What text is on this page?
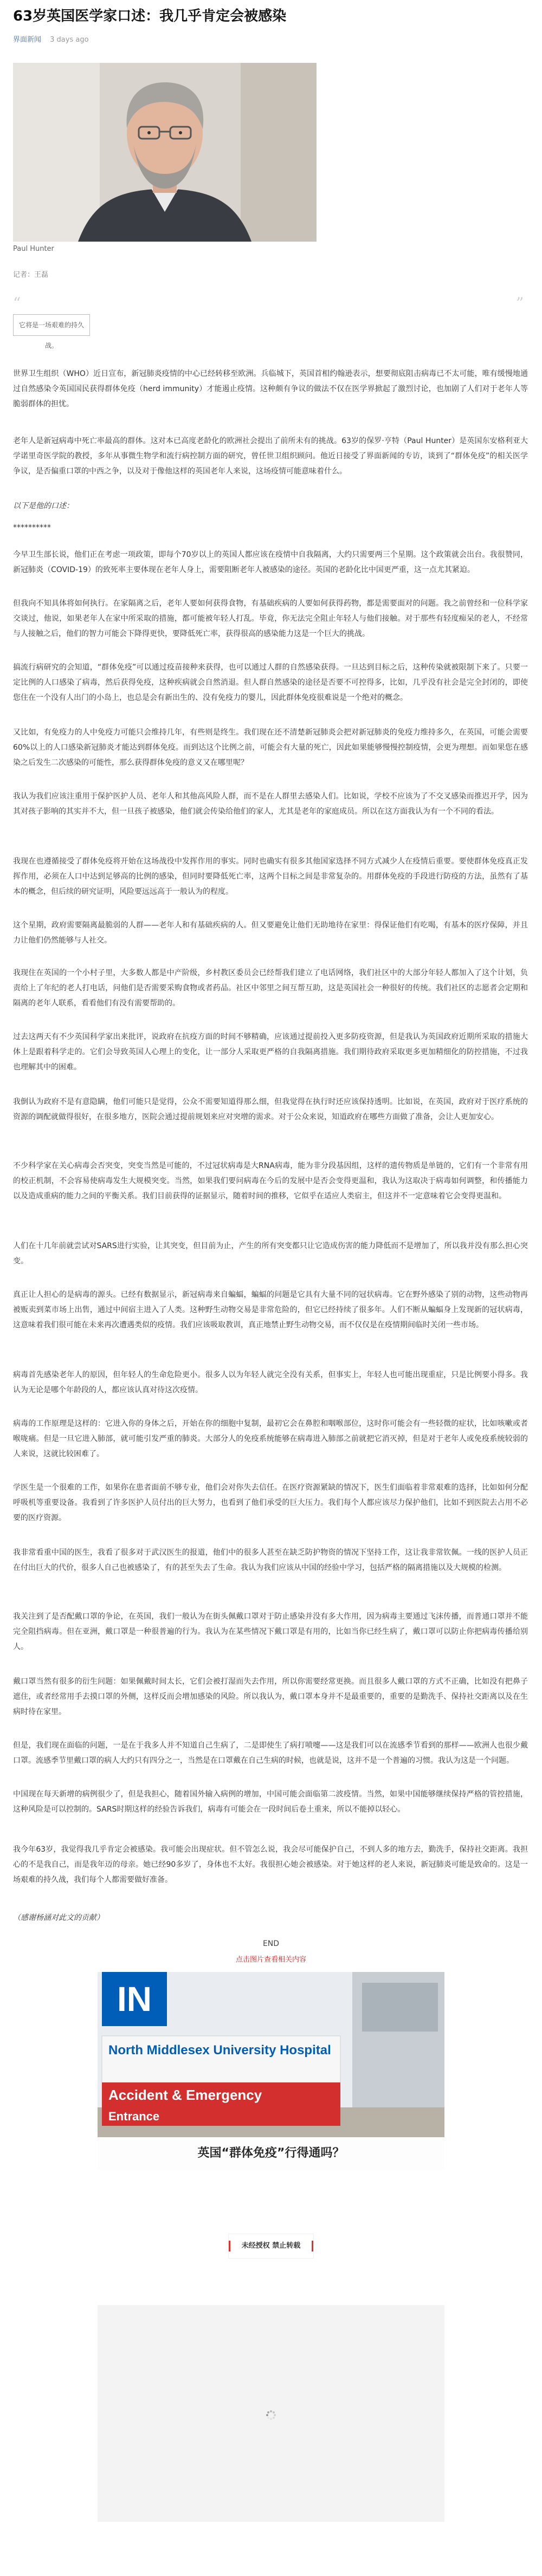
63岁英国医学家口述：我几乎肯定会被感染
界面新闻 3 days ago
Paul Hunter
记者：王磊
“	”
它将是一场艰难的持久战。

世界卫生组织（WHO）近日宣布，新冠肺炎疫情的中心已经转移至欧洲。兵临城下，英国首相约翰逊表示，想要彻底阻击病毒已不太可能，唯有缓慢地通过自然感染令英国国民获得群体免疫（herd immunity）才能遏止疫情。这种颇有争议的做法不仅在医学界掀起了激烈讨论，也加剧了人们对于老年人等脆弱群体的担忧。

老年人是新冠病毒中死亡率最高的群体。这对本已高度老龄化的欧洲社会提出了前所未有的挑战。63岁的保罗·亨特（Paul Hunter）是英国东安格利亚大学诺里奇医学院的教授，多年从事微生物学和流行病控制方面的研究，曾任世卫组织顾问。他近日接受了界面新闻的专访，谈到了“群体免疫”的相关医学争议，是否偏重口罩的中西之争，以及对于像他这样的英国老年人来说，这场疫情可能意味着什么。

以下是他的口述：

**********

今早卫生部长说，他们正在考虑一项政策，即每个70岁以上的英国人都应该在疫情中自我隔离，大约只需要两三个星期。这个政策就会出台。我很赞同，新冠肺炎（COVID-19）的致死率主要体现在老年人身上，需要阻断老年人被感染的途径。英国的老龄化比中国更严重，这一点尤其紧迫。

但我向不知具体将如何执行。在家隔离之后，老年人要如何获得食物，有基础疾病的人要如何获得药物，都是需要面对的问题。我之前曾经和一位科学家交谈过，他说，如果老年人在家中所采取的措施，都可能被年轻人打乱。毕竟，你无法完全阻止年轻人与他们接触。对于那些有轻度痴呆的老人，不经常与人接触之后，他们的智力可能会下降得更快，要降低死亡率，获得很高的感染能力这是一个巨大的挑战。

搞流行病研究的会知道，“群体免疫”可以通过疫苗接种来获得，也可以通过人群的自然感染获得。一旦达到目标之后，这种传染就被限制下来了。只要一定比例的人口感染了病毒，然后获得免疫，这种疾病就会自然消退。但人群自然感染的途径是否要不可控得多，比如，几乎没有社会是完全封闭的，即使您住在一个没有人出门的小岛上，也总是会有新出生的、没有免疫力的婴儿，因此群体免疫很难说是一个绝对的概念。

又比如，有免疫力的人中免疫力可能只会维持几年，有些则是终生。我们现在还不清楚新冠肺炎会把对新冠肺炎的免疫力维持多久，在英国，可能会需要60%以上的人口感染新冠肺炎才能达到群体免疫。而到达这个比例之前，可能会有大量的死亡，因此如果能够慢慢控制疫情，会更为理想。而如果您在感染之后发生二次感染的可能性，那么获得群体免疫的意义又在哪里呢？

我认为我们应该注重用于保护医护人员、老年人和其他高风险人群，而不是在人群里去感染人们。比如说，学校不应该为了不交叉感染而推迟开学，因为其对孩子影响的其实并不大，但一旦孩子被感染，他们就会传染给他们的家人，尤其是老年的家庭成员。所以在这方面我认为有一个不同的看法。

我现在也遵循接受了群体免疫将开始在这场战役中发挥作用的事实。同时也确实有很多其他国家选择不同方式减少人在疫情后重要。要使群体免疫真正发挥作用，必须在人口中达到足够高的比例的感染，但同时要降低死亡率，这两个目标之间是非常复杂的。用群体免疫的手段进行防疫的方法，虽然有了基本的概念，但后续的研究证明，风险要远远高于一般认为的程度。

这个星期，政府需要隔离最脆弱的人群——老年人和有基础疾病的人。但又要避免让他们无助地待在家里：得保证他们有吃喝，有基本的医疗保障，并且力让他们仍然能够与人社交。

我现住在英国的一个小村子里，大多数人都是中产阶级，乡村教区委员会已经帮我们建立了电话网络，我们社区中的大部分年轻人都加入了这个计划，负责给上了年纪的老人打电话，问他们是否需要采购食物或者药品。社区中邻里之间互帮互助，这是英国社会一种很好的传统。我们社区的志愿者会定期和隔离的老年人联系，看看他们有没有需要帮助的。

过去这两天有不少英国科学家出来批评，说政府在抗疫方面的时间不够精确，应该通过提前投入更多防疫资源，但是我认为英国政府近期所采取的措施大体上是跟着科学走的。它们会导致英国人心理上的变化，让一部分人采取更严格的自我隔离措施。我们期待政府采取更多更加精细化的防控措施，不过我也理解其中的困难。

我倒认为政府不是有意隐瞒，他们可能只是觉得，公众不需要知道得那么细，但我觉得在执行时还应该保持透明。比如说，在英国，政府对于医疗系统的资源的调配就做得很好，在很多地方，医院会通过提前规划来应对突增的需求。对于公众来说，知道政府在哪些方面做了准备，会让人更加安心。

不少科学家在关心病毒会否突变，突变当然是可能的，不过冠状病毒是大RNA病毒，能为非分段基因组，这样的遗传物质是单链的，它们有一个非常有用的校正机制，不会容易使病毒发生大规模突变。当然，如果我们要问病毒在今后的发展中是否会变得更温和，我认为这取决于病毒如何调整，和传播能力以及造成重病的能力之间的平衡关系。我们目前获得的证据显示，随着时间的推移，它似乎在适应人类宿主，但这并不一定意味着它会变得更温和。

人们在十几年前就尝试对SARS进行实验，让其突变，但目前为止，产生的所有突变都只让它造成伤害的能力降低而不是增加了，所以我并没有那么担心突变。

真正让人担心的是病毒的源头。已经有数据显示，新冠病毒来自蝙蝠，蝙蝠的问题是它具有大量不同的冠状病毒。它在野外感染了别的动物，这些动物再被贩卖到菜市场上出售，通过中间宿主进入了人类。这种野生动物交易是非常危险的，但它已经持续了很多年。人们不断从蝙蝠身上发现新的冠状病毒，这意味着我们很可能在未来再次遭遇类似的疫情。我们应该吸取教训，真正地禁止野生动物交易，而不仅仅是在疫情期间临时关闭一些市场。

病毒首先感染老年人的原因，但年轻人的生命危险更小。很多人以为年轻人就完全没有关系，但事实上，年轻人也可能出现重症，只是比例要小得多。我认为无论是哪个年龄段的人，都应该认真对待这次疫情。

病毒的工作原理是这样的：它进入你的身体之后，开始在你的细胞中复制，最初它会在鼻腔和咽喉部位，这时你可能会有一些轻微的症状，比如咳嗽或者喉咙痛。但是一旦它进入肺部，就可能引发严重的肺炎。大部分人的免疫系统能够在病毒进入肺部之前就把它消灭掉，但是对于老年人或免疫系统较弱的人来说，这就比较困难了。

学医生是一个很难的工作，如果你在患者面前不够专业，他们会对你失去信任。在医疗资源紧缺的情况下，医生们面临着非常艰难的选择，比如如何分配呼吸机等重要设备。我看到了许多医护人员付出的巨大努力，也看到了他们承受的巨大压力。我们每个人都应该尽力保护他们，比如不到医院去占用不必要的医疗资源。

我非常看重中国的医生，我看了很多对于武汉医生的报道，他们中的很多人甚至在缺乏防护物资的情况下坚持工作，这让我非常钦佩。一线的医护人员正在付出巨大的代价，很多人自己也被感染了，有的甚至失去了生命。我认为我们应该从中国的经验中学习，包括严格的隔离措施以及大规模的检测。

我关注到了是否配戴口罩的争论，在英国，我们一般认为在街头佩戴口罩对于防止感染并没有多大作用，因为病毒主要通过飞沫传播，而普通口罩并不能完全阻挡病毒。但在亚洲，戴口罩是一种很普遍的行为。我认为在某些情况下戴口罩是有用的，比如当你已经生病了，戴口罩可以防止你把病毒传播给别人。

戴口罩当然有很多的衍生问题：如果佩戴时间太长，它们会被打湿而失去作用，所以你需要经常更换。而且很多人戴口罩的方式不正确，比如没有把鼻子遮住，或者经常用手去摸口罩的外侧，这样反而会增加感染的风险。所以我认为，戴口罩本身并不是最重要的，重要的是勤洗手、保持社交距离以及在生病时待在家里。

但是，我们现在面临的问题，一是在于我多人并不知道自己生病了，二是即使生了病打喷嚏——这是我们可以在流感季节看到的那样——欧洲人也很少戴口罩。流感季节里戴口罩的病人大约只有四分之一，当然是在口罩戴在自己生病的时候，也就是说，这并不是一个普遍的习惯。我认为这是一个问题。

中国现在每天新增的病例很少了，但是我担心，随着国外输入病例的增加，中国可能会面临第二波疫情。当然，如果中国能够继续保持严格的管控措施，这种风险是可以控制的。SARS时期这样的经验告诉我们，病毒有可能会在一段时间后卷土重来，所以不能掉以轻心。

我今年63岁，我觉得我几乎肯定会被感染。我可能会出现症状。但不管怎么说，我会尽可能保护自己，不到人多的地方去，勤洗手，保持社交距离。我担心的不是我自己，而是我年迈的母亲。她已经90多岁了，身体也不太好。我很担心她会被感染。对于她这样的老人来说，新冠肺炎可能是致命的。这是一场艰难的持久战，我们每个人都需要做好准备。

（感谢杨涵对此文的贡献）

END
点击图片查看相关内容
IN
North Middlesex University Hospital
Accident & Emergency
Entrance
英国“群体免疫”行得通吗？
未经授权 禁止转载
